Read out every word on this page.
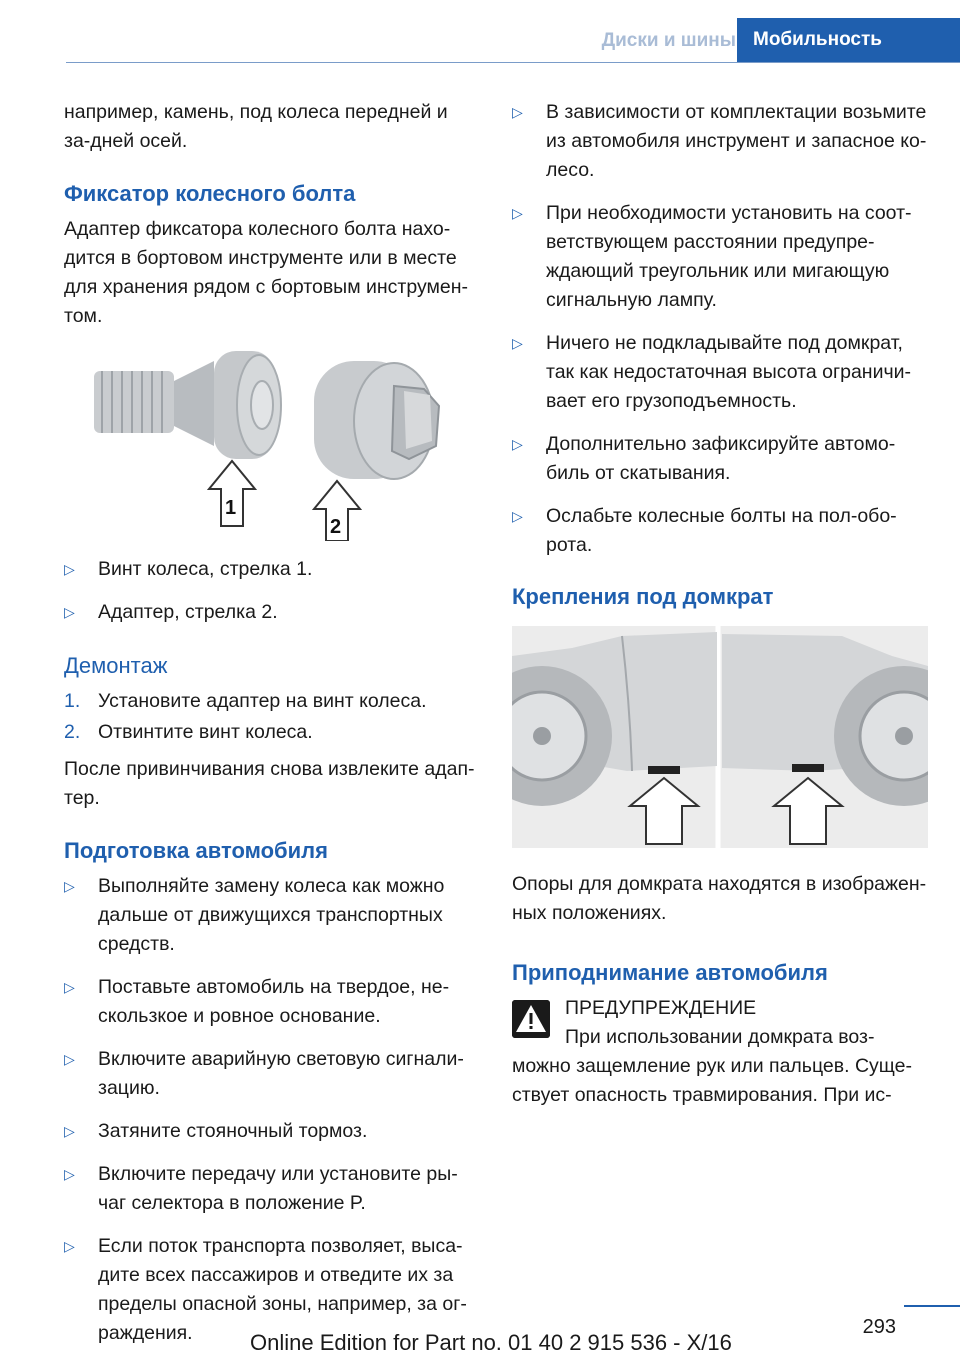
Диски и шины Мобильность

например, камень, под колеса передней и за-дней осей.

Фиксатор колесного болта

Адаптер фиксатора колесного болта нахо-дится в бортовом инструменте или в месте для хранения рядом с бортовым инструмен-том.

1
2
▷	Винт колеса, стрелка 1.
▷	Адаптер, стрелка 2.
Демонтаж
1. Установите адаптер на винт колеса.
2. Отвинтите винт колеса.

После привинчивания снова извлеките адап-тер.

Подготовка автомобиля
▷	Выполняйте замену колеса как можно дальше от движущихся транспортных средств.
▷	Поставьте автомобиль на твердое, не-скользкое и ровное основание.
▷	Включите аварийную световую сигнали-зацию.
▷	Затяните стояночный тормоз.
▷	Включите передачу или установите ры-чаг селектора в положение P.
▷	Если поток транспорта позволяет, выса-дите всех пассажиров и отведите их за пределы опасной зоны, например, за ог-раждения.
▷	В зависимости от комплектации возьмите из автомобиля инструмент и запасное ко-лесо.
▷	При необходимости установить на соот-ветствующем расстоянии предупре-ждающий треугольник или мигающую сигнальную лампу.
▷	Ничего не подкладывайте под домкрат, так как недостаточная высота ограничи-вает его грузоподъемность.
▷	Дополнительно зафиксируйте автомо-биль от скатывания.
▷	Ослабьте колесные болты на пол-обо-рота.
Крепления под домкрат

Опоры для домкрата находятся в изображен-ных положениях.

Приподнимание автомобиля
ПРЕДУПРЕЖДЕНИЕ
При использовании домкрата воз-
можно защемление рук или пальцев. Суще-ствует опасность травмирования. При ис-
293
Online Edition for Part no. 01 40 2 915 536 - X/16
